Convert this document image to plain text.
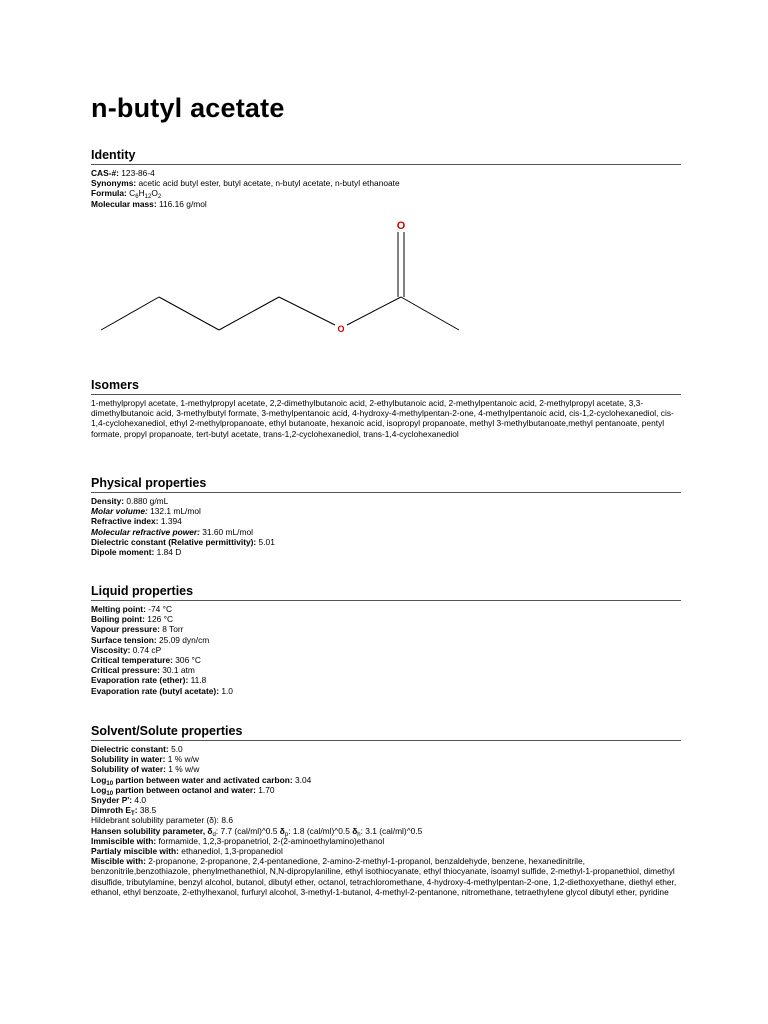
n-butyl acetate
Identity
CAS-#: 123-86-4
Synonyms: acetic acid butyl ester, butyl acetate, n-butyl acetate, n-butyl ethanoate
Formula: $C_6H_{12}O_2$
Molecular mass: 116.16 g/mol
O
O
Isomers
1-methylpropyl acetate, 1-methylpropyl acetate, 2,2-dimethylbutanoic acid, 2-ethylbutanoic acid, 2-methylpentanoic acid, 2-methylpropyl acetate, 3,3-dimethylbutanoic acid, 3-methylbutyl formate, 3-methylpentanoic acid, 4-hydroxy-4-methylpentan-2-one, 4-methylpentanoic acid, cis-1,2-cyclohexanediol, cis-1,4-cyclohexanediol, ethyl 2-methylpropanoate, ethyl butanoate, hexanoic acid, isopropyl propanoate, methyl 3-methylbutanoate,methyl pentanoate, pentyl formate, propyl propanoate, tert-butyl acetate, trans-1,2-cyclohexanediol, trans-1,4-cyclohexanediol
Physical properties
Density: 0.880 g/mL
Molar volume: 132.1 mL/mol
Refractive index: 1.394
Molecular refractive power: 31.60 mL/mol
Dielectric constant (Relative permittivity): 5.01
Dipole moment: 1.84 D
Liquid properties
Melting point: -74 °C
Boiling point: 126 °C
Vapour pressure: 8 Torr
Surface tension: 25.09 dyn/cm
Viscosity: 0.74 cP
Critical temperature: 306 °C
Critical pressure: 30.1 atm
Evaporation rate (ether): 11.8
Evaporation rate (butyl acetate): 1.0
Solvent/Solute properties
Dielectric constant: 5.0
Solubility in water: 1 % w/w
Solubility of water: 1 % w/w
Log$_{10}$ partion between water and activated carbon: 3.04
Log$_{10}$ partion between octanol and water: 1.70
Snyder P': 4.0
Dimroth $E_T$: 38.5
Hildebrant solubility parameter (δ): 8.6
Hansen solubility parameter, $\delta_d$: 7.7 (cal/ml)^0.5 $\delta_p$: 1.8 (cal/ml)^0.5 $\delta_h$: 3.1 (cal/ml)^0.5
Immiscible with: formamide, 1,2,3-propanetriol, 2-(2-aminoethylamino)ethanol
Partialy miscible with: ethanediol, 1,3-propanediol
Miscible with: 2-propanone, 2-propanone, 2,4-pentanedione, 2-amino-2-methyl-1-propanol, benzaldehyde, benzene, hexanedinitrile, benzonitrile,benzothiazole, phenylmethanethiol, N,N-dipropylaniline, ethyl isothiocyanate, ethyl thiocyanate, isoamyl sulfide, 2-methyl-1-propanethiol, dimethyl disulfide, tributylamine, benzyl alcohol, butanol, dibutyl ether, octanol, tetrachloromethane, 4-hydroxy-4-methylpentan-2-one, 1,2-diethoxyethane, diethyl ether, ethanol, ethyl benzoate, 2-ethylhexanol, furfuryl alcohol, 3-methyl-1-butanol, 4-methyl-2-pentanone, nitromethane, tetraethylene glycol dibutyl ether, pyridine
